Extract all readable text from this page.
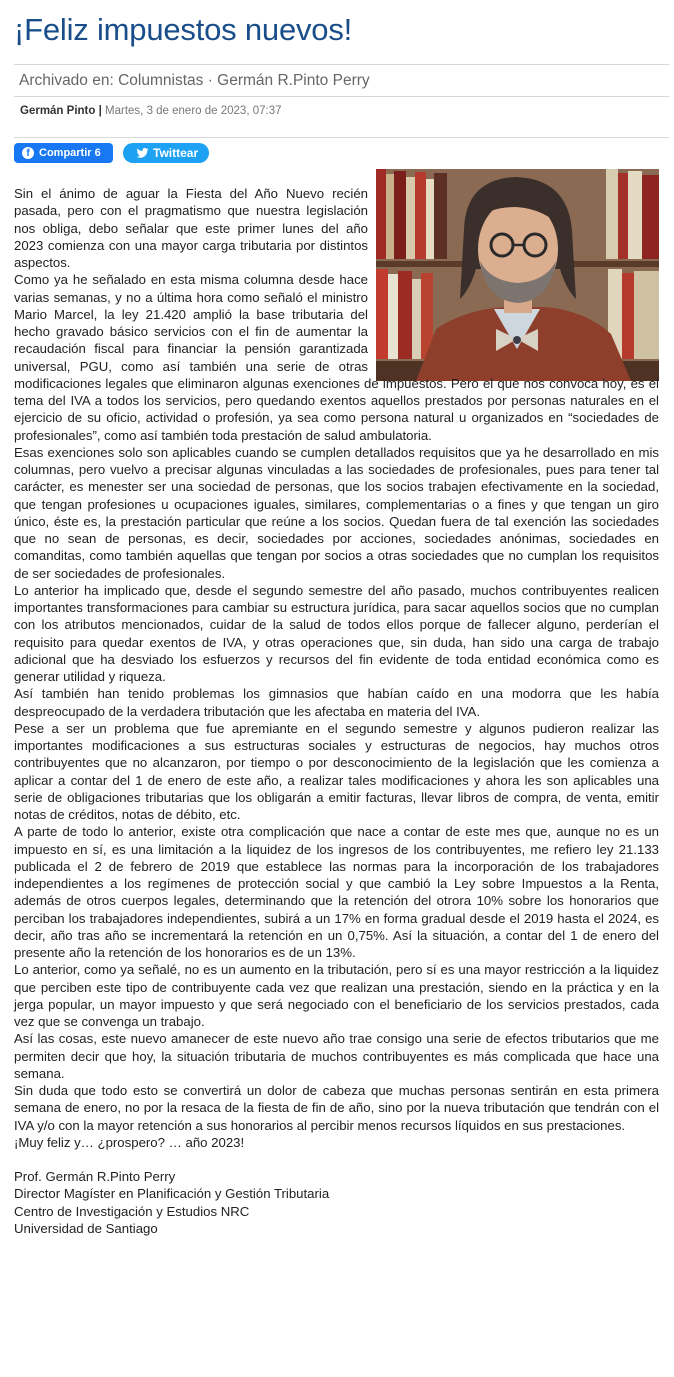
¡Feliz impuestos nuevos!
Archivado en: Columnistas · Germán R.Pinto Perry
Germán Pinto | Martes, 3 de enero de 2023, 07:37
f Compartir
6	Twittear

Sin el ánimo de aguar la Fiesta del Año Nuevo recién pasada, pero con el pragmatismo que nuestra legislación nos obliga, debo señalar que este primer lunes del año 2023 comienza con una mayor carga tributaria por distintos aspectos.

Como ya he señalado en esta misma columna desde hace varias semanas, y no a última hora como señaló el ministro Mario Marcel, la ley 21.420 amplió la base tributaria del hecho gravado básico servicios con el fin de aumentar la recaudación fiscal para financiar la pensión garantizada universal, PGU, como así también una serie de otras modificaciones legales que eliminaron algunas exenciones de impuestos. Pero el que nos convoca hoy, es el tema del IVA a todos los servicios, pero quedando exentos aquellos prestados por personas naturales en el ejercicio de su oficio, actividad o profesión, ya sea como persona natural u organizados en “sociedades de profesionales”, como así también toda prestación de salud ambulatoria.

Esas exenciones solo son aplicables cuando se cumplen detallados requisitos que ya he desarrollado en mis columnas, pero vuelvo a precisar algunas vinculadas a las sociedades de profesionales, pues para tener tal carácter, es menester ser una sociedad de personas, que los socios trabajen efectivamente en la sociedad, que tengan profesiones u ocupaciones iguales, similares, complementarias o a fines y que tengan un giro único, éste es, la prestación particular que reúne a los socios. Quedan fuera de tal exención las sociedades que no sean de personas, es decir, sociedades por acciones, sociedades anónimas, sociedades en comanditas, como también aquellas que tengan por socios a otras sociedades que no cumplan los requisitos de ser sociedades de profesionales.

Lo anterior ha implicado que, desde el segundo semestre del año pasado, muchos contribuyentes realicen importantes transformaciones para cambiar su estructura jurídica, para sacar aquellos socios que no cumplan con los atributos mencionados, cuidar de la salud de todos ellos porque de fallecer alguno, perderían el requisito para quedar exentos de IVA, y otras operaciones que, sin duda, han sido una carga de trabajo adicional que ha desviado los esfuerzos y recursos del fin evidente de toda entidad económica como es generar utilidad y riqueza.

Así también han tenido problemas los gimnasios que habían caído en una modorra que les había despreocupado de la verdadera tributación que les afectaba en materia del IVA.

Pese a ser un problema que fue apremiante en el segundo semestre y algunos pudieron realizar las importantes modificaciones a sus estructuras sociales y estructuras de negocios, hay muchos otros contribuyentes que no alcanzaron, por tiempo o por desconocimiento de la legislación que les comienza a aplicar a contar del 1 de enero de este año, a realizar tales modificaciones y ahora les son aplicables una serie de obligaciones tributarias que los obligarán a emitir facturas, llevar libros de compra, de venta, emitir notas de créditos, notas de débito, etc.

A parte de todo lo anterior, existe otra complicación que nace a contar de este mes que, aunque no es un impuesto en sí, es una limitación a la liquidez de los ingresos de los contribuyentes, me refiero ley 21.133 publicada el 2 de febrero de 2019 que establece las normas para la incorporación de los trabajadores independientes a los regímenes de protección social y que cambió la Ley sobre Impuestos a la Renta, además de otros cuerpos legales, determinando que la retención del otrora 10% sobre los honorarios que perciban los trabajadores independientes, subirá a un 17% en forma gradual desde el 2019 hasta el 2024, es decir, año tras año se incrementará la retención en un 0,75%. Así la situación, a contar del 1 de enero del presente año la retención de los honorarios es de un 13%.

Lo anterior, como ya señalé, no es un aumento en la tributación, pero sí es una mayor restricción a la liquidez que perciben este tipo de contribuyente cada vez que realizan una prestación, siendo en la práctica y en la jerga popular, un mayor impuesto y que será negociado con el beneficiario de los servicios prestados, cada vez que se convenga un trabajo.

Así las cosas, este nuevo amanecer de este nuevo año trae consigo una serie de efectos tributarios que me permiten decir que hoy, la situación tributaria de muchos contribuyentes es más complicada que hace una semana.

Sin duda que todo esto se convertirá un dolor de cabeza que muchas personas sentirán en esta primera semana de enero, no por la resaca de la fiesta de fin de año, sino por la nueva tributación que tendrán con el IVA y/o con la mayor retención a sus honorarios al percibir menos recursos líquidos en sus prestaciones.

¡Muy feliz y… ¿prospero? … año 2023!

Prof. Germán R.Pinto Perry
Director Magíster en Planificación y Gestión Tributaria
Centro de Investigación y Estudios NRC
Universidad de Santiago
